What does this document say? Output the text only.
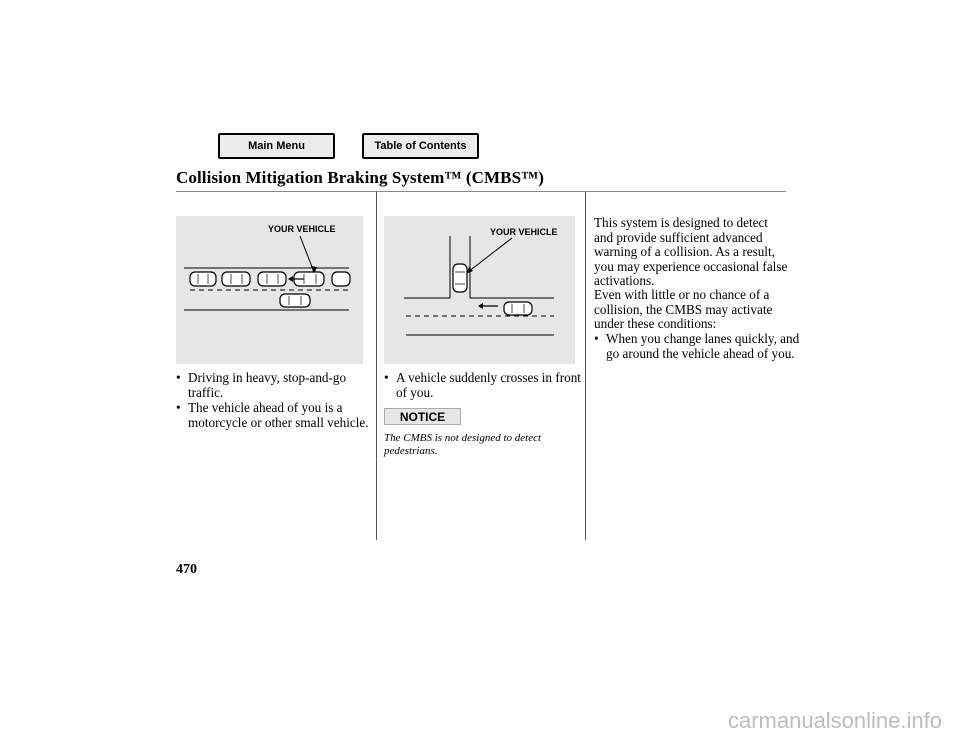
Main Menu	Table of Contents
Collision Mitigation Braking System™ (CMBS™)
YOUR VEHICLE	YOUR VEHICLE
• Driving in heavy, stop-and-go traffic.
• The vehicle ahead of you is a motorcycle or other small vehicle.
• A vehicle suddenly crosses in front of you.
NOTICE
The CMBS is not designed to detect pedestrians.
This system is designed to detect and provide sufficient advanced warning of a collision. As a result, you may experience occasional false activations.
Even with little or no chance of a collision, the CMBS may activate under these conditions:
• When you change lanes quickly, and go around the vehicle ahead of you.
470
carmanualsonline.info
